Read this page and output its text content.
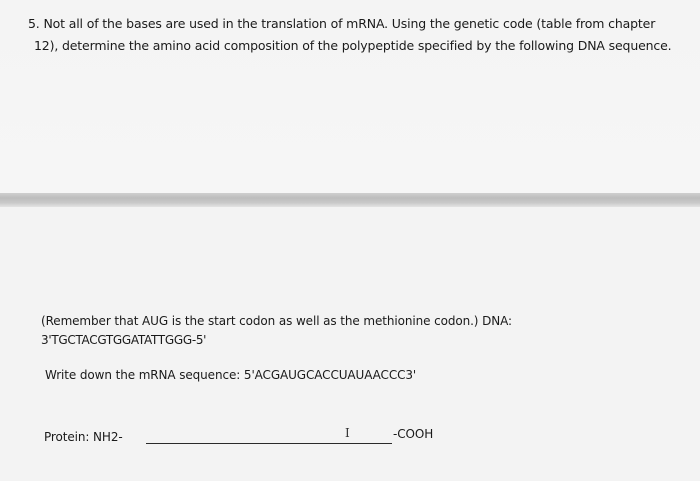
5. Not all of the bases are used in the translation of mRNA. Using the genetic code (table from chapter
12), determine the amino acid composition of the polypeptide specified by the following DNA sequence.
(Remember that AUG is the start codon as well as the methionine codon.) DNA:
3'TGCTACGTGGATATTGGG-5'
Write down the mRNA sequence: 5'ACGAUGCACCUAUAACCC3'
Protein: NH2-	I	-COOH
